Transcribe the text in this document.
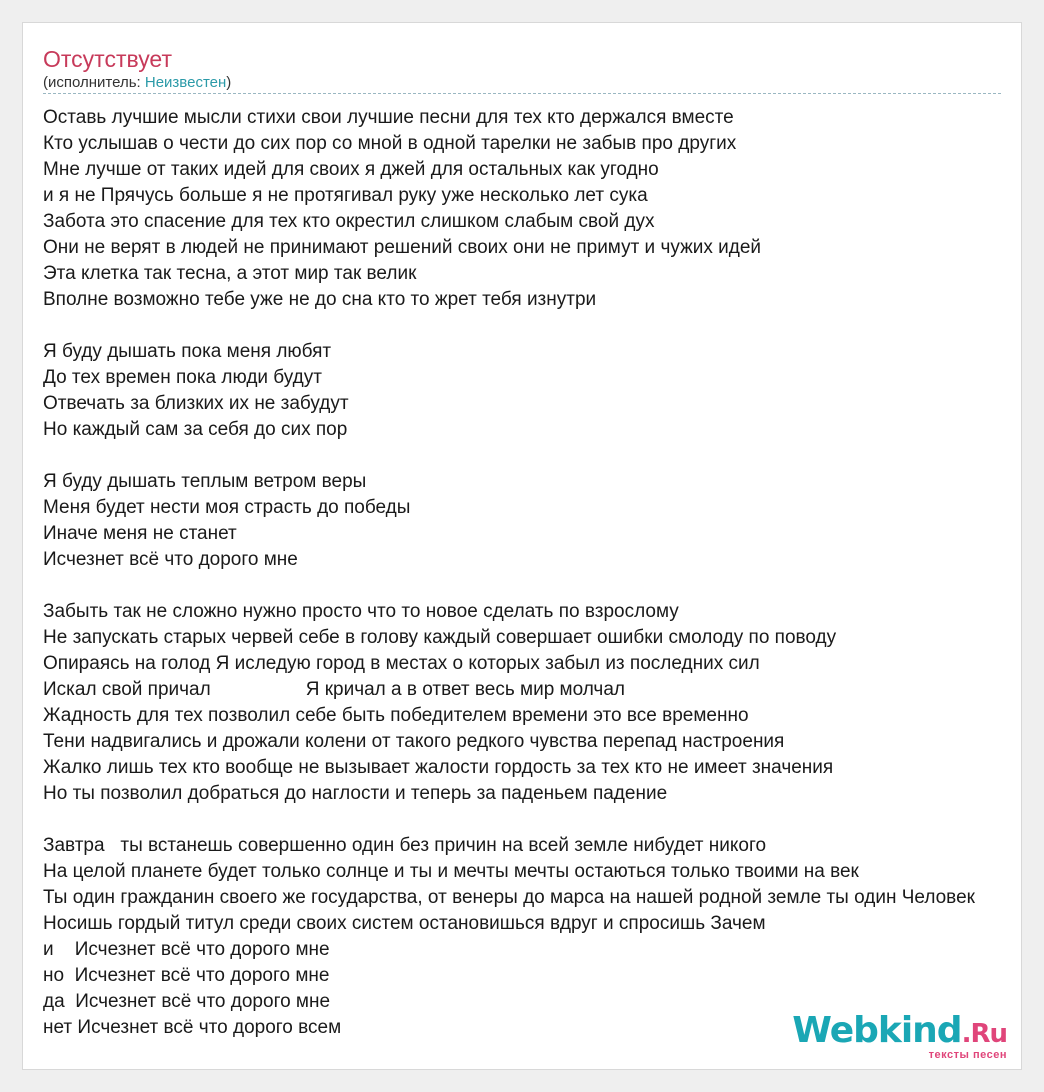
Отсутствует
(исполнитель: Неизвестен)
Оставь лучшие мысли стихи свои лучшие песни для тех кто держался вместе
Кто услышав о чести до сих пор со мной в одной тарелки не забыв про других
Мне лучше от таких идей для своих я джей для остальных как угодно
и я не Прячусь больше я не протягивал руку уже несколько лет сука
Забота это спасение для тех кто окрестил слишком слабым свой дух
Они не верят в людей не принимают решений своих они не примут и чужих идей
Эта клетка так тесна, а этот мир так велик
Вполне возможно тебе уже не до сна кто то жрет тебя изнутри
Я буду дышать пока меня любят
До тех времен пока люди будут
Отвечать за близких их не забудут
Но каждый сам за себя до сих пор
Я буду дышать теплым ветром веры
Меня будет нести моя страсть до победы
Иначе меня не станет
Исчезнет всё что дорого мне
Забыть так не сложно нужно просто что то новое сделать по взрослому
Не запускать старых червей себе в голову каждый совершает ошибки смолоду по поводу
Опираясь на голод Я иследую город в местах о которых забыл из последних сил
Искал свой причал                  Я кричал а в ответ весь мир молчал
Жадность для тех позволил себе быть победителем времени это все временно
Тени надвигались и дрожали колени от такого редкого чувства перепад настроения
Жалко лишь тех кто вообще не вызывает жалости гордость за тех кто не имеет значения
Но ты позволил добраться до наглости и теперь за паденьем падение
Завтра   ты встанешь совершенно один без причин на всей земле нибудет никого
На целой планете будет только солнце и ты и мечты мечты остаються только твоими на век
Ты один гражданин своего же государства, от венеры до марса на нашей родной земле ты один Человек
Носишь гордый титул среди своих систем остановишься вдруг и спросишь Зачем
и    Исчезнет всё что дорого мне
но  Исчезнет всё что дорого мне
да  Исчезнет всё что дорого мне
нет Исчезнет всё что дорого всем	Webkind.Ru
тексты песен
